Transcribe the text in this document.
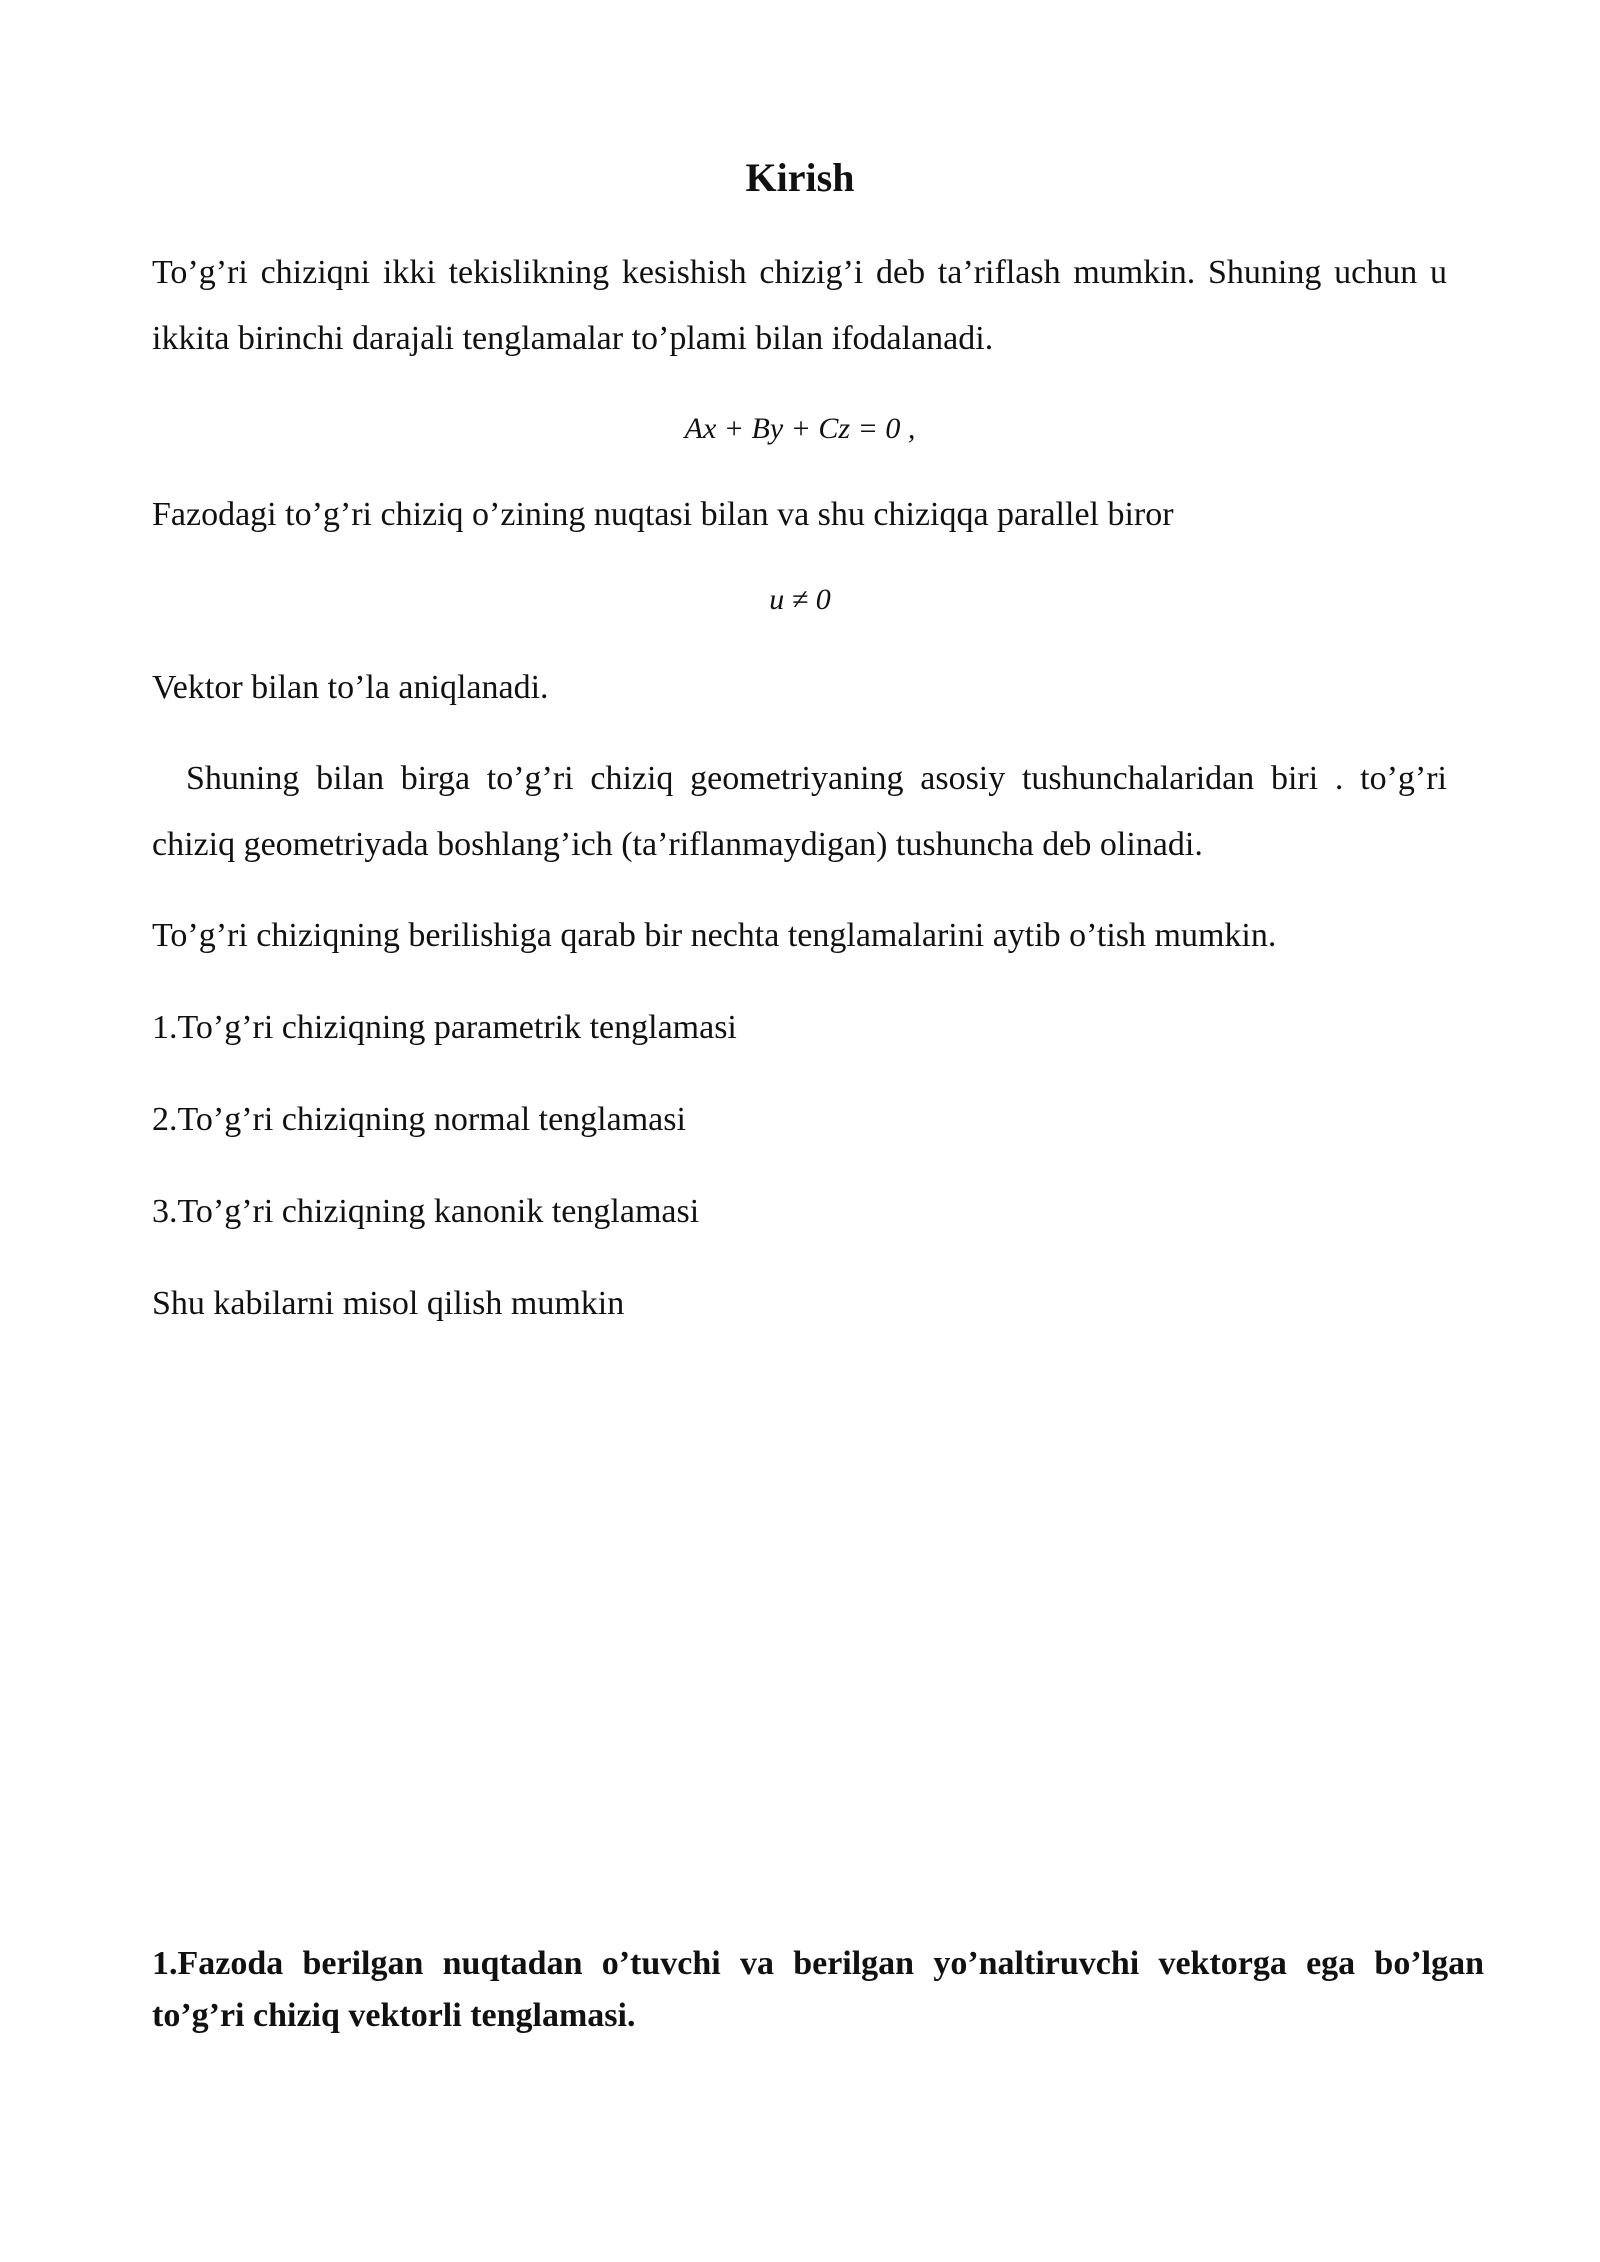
Kirish

To’g’ri chiziqni ikki tekislikning kesishish chizig’i deb ta’riflash mumkin. Shuning uchun u ikkita birinchi darajali tenglamalar to’plami bilan ifodalanadi.

Ax + By + Cz = 0 ,

Fazodagi to’g’ri chiziq o’zining nuqtasi bilan va shu chiziqqa parallel biror

u ≠ 0

Vektor bilan to’la aniqlanadi.

Shuning bilan birga to’g’ri chiziq geometriyaning asosiy tushunchalaridan biri . to’g’ri chiziq geometriyada boshlang’ich (ta’riflanmaydigan) tushuncha deb olinadi.

To’g’ri chiziqning berilishiga qarab bir nechta tenglamalarini aytib o’tish mumkin.

1.To’g’ri chiziqning parametrik tenglamasi

2.To’g’ri chiziqning normal tenglamasi

3.To’g’ri chiziqning kanonik tenglamasi

Shu kabilarni misol qilish mumkin

1.Fazoda berilgan nuqtadan o’tuvchi va berilgan yo’naltiruvchi vektorga ega bo’lgan to’g’ri chiziq vektorli tenglamasi.
